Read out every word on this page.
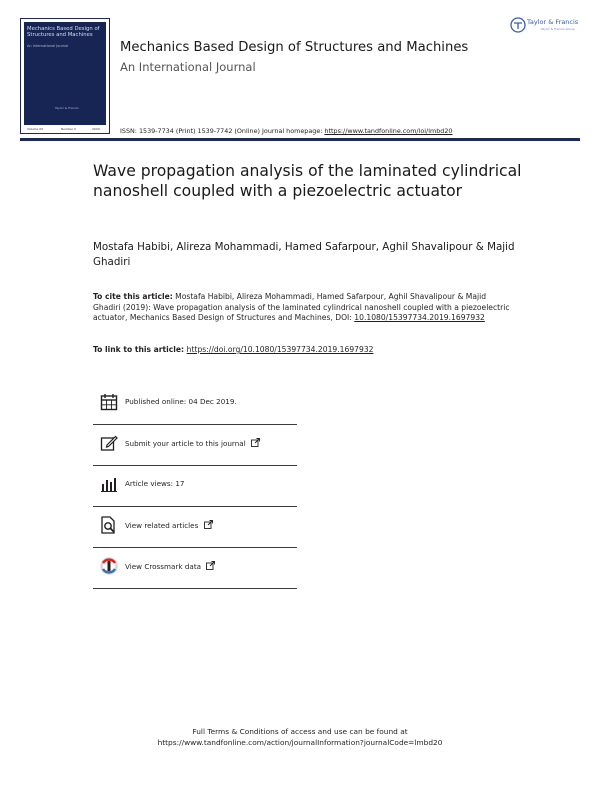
Mechanics Based Design of Structures and Machines
An International Journal
Taylor & Francis
Volume XX	Number X	20XX
Mechanics Based Design of Structures and Machines
An International Journal
ISSN: 1539-7734 (Print) 1539-7742 (Online) Journal homepage: https://www.tandfonline.com/loi/lmbd20
Taylor & Francis
Taylor & Francis Group
Wave propagation analysis of the laminated cylindrical nanoshell coupled with a piezoelectric actuator
Mostafa Habibi, Alireza Mohammadi, Hamed Safarpour, Aghil Shavalipour & Majid Ghadiri
To cite this article: Mostafa Habibi, Alireza Mohammadi, Hamed Safarpour, Aghil Shavalipour & Majid Ghadiri (2019): Wave propagation analysis of the laminated cylindrical nanoshell coupled with a piezoelectric actuator, Mechanics Based Design of Structures and Machines, DOI: 10.1080/15397734.2019.1697932
To link to this article: https://doi.org/10.1080/15397734.2019.1697932
Published online: 04 Dec 2019.
Submit your article to this journal
Article views: 17
View related articles
View Crossmark data
Full Terms & Conditions of access and use can be found at
https://www.tandfonline.com/action/journalInformation?journalCode=lmbd20
